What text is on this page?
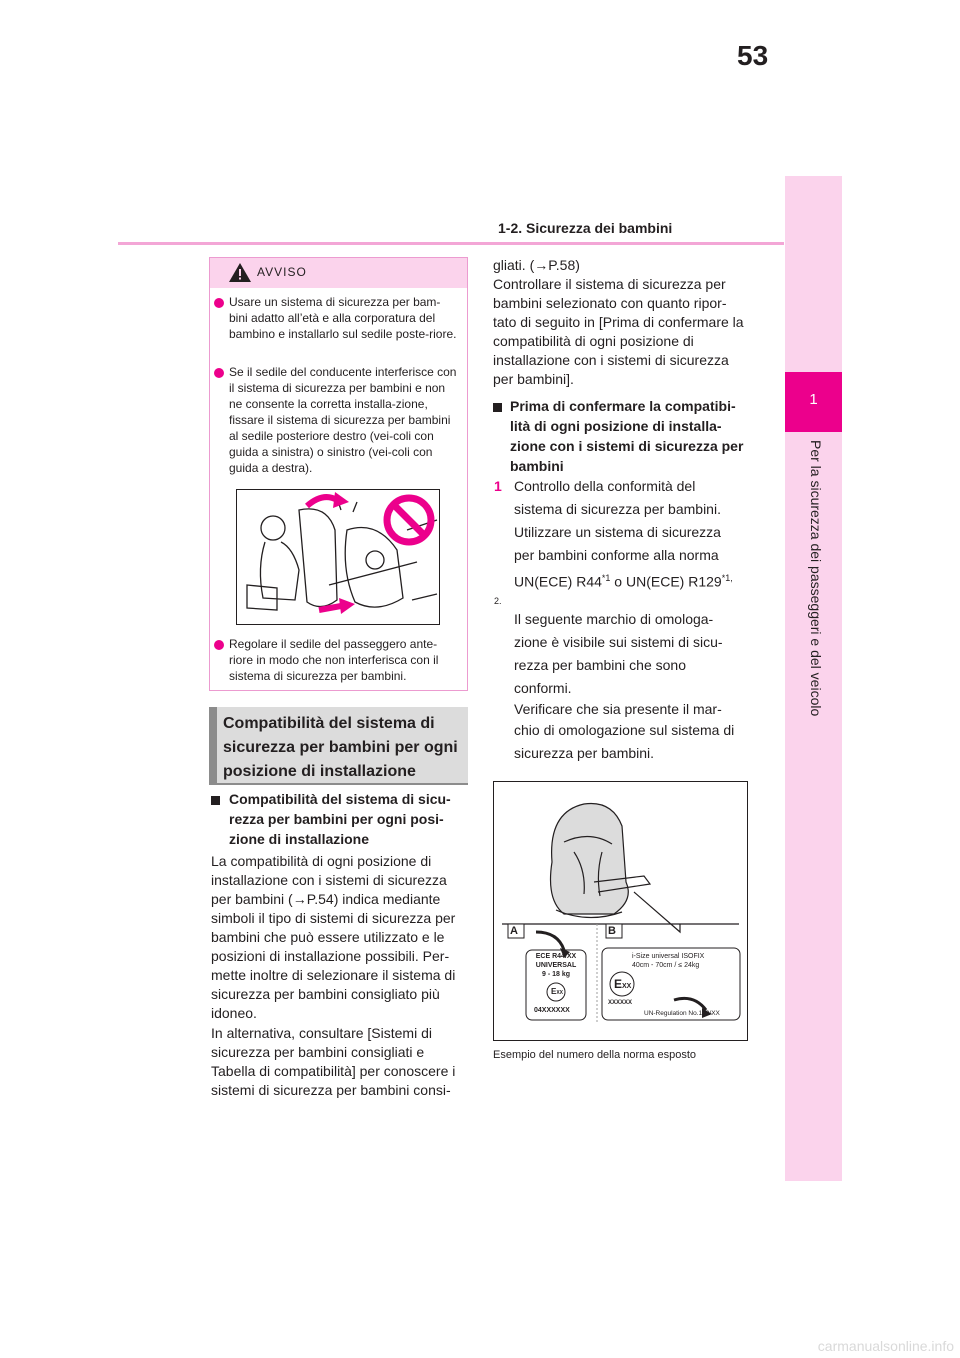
53
1-2. Sicurezza dei bambini
1
Per la sicurezza dei passeggeri e del veicolo
AVVISO
Usare un sistema di sicurezza per bam-bini adatto all’età e alla corporatura del bambino e installarlo sul sedile poste-riore.
Se il sedile del conducente interferisce con il sistema di sicurezza per bambini e non ne consente la corretta installa-zione, fissare il sistema di sicurezza per bambini al sedile posteriore destro (vei-coli con guida a sinistra) o sinistro (vei-coli con guida a destra).
Regolare il sedile del passeggero ante-riore in modo che non interferisca con il sistema di sicurezza per bambini.
Compatibilità del sistema di sicurezza per bambini per ogni posizione di installazione
Compatibilità del sistema di sicu-rezza per bambini per ogni posi-zione di installazione
La compatibilità di ogni posizione di installazione con i sistemi di sicurezza per bambini (→P.54) indica mediante simboli il tipo di sistemi di sicurezza per bambini che può essere utilizzato e le posizioni di installazione possibili. Per-mette inoltre di selezionare il sistema di sicurezza per bambini consigliato più idoneo.
In alternativa, consultare [Sistemi di sicurezza per bambini consigliati e Tabella di compatibilità] per conoscere i sistemi di sicurezza per bambini consi-
gliati. (→P.58)
Controllare il sistema di sicurezza per bambini selezionato con quanto ripor-tato di seguito in [Prima di confermare la compatibilità di ogni posizione di installazione con i sistemi di sicurezza per bambini].
Prima di confermare la compatibi-lità di ogni posizione di installa-zione con i sistemi di sicurezza per bambini
1 Controllo della conformità del
sistema di sicurezza per bambini.
Utilizzare un sistema di sicurezza
per bambini conforme alla norma
UN(ECE) R44$^{*1}$ o UN(ECE) $R129^{*1,}$
2.
Il seguente marchio di omologa-
zione è visibile sui sistemi di sicu-
rezza per bambini che sono
conformi.
Verificare che sia presente il mar-
chio di omologazione sul sistema di
sicurezza per bambini.
A	B
ECE R44/XX
UNIVERSAL
9 - 18 kg
EXX
04XXXXXX
i-Size universal ISOFIX
40cm - 70cm / ≤ 24kg
EXX
XXXXXX
UN-Regulation No.129/XX
Esempio del numero della norma esposto
carmanualsonline.info
